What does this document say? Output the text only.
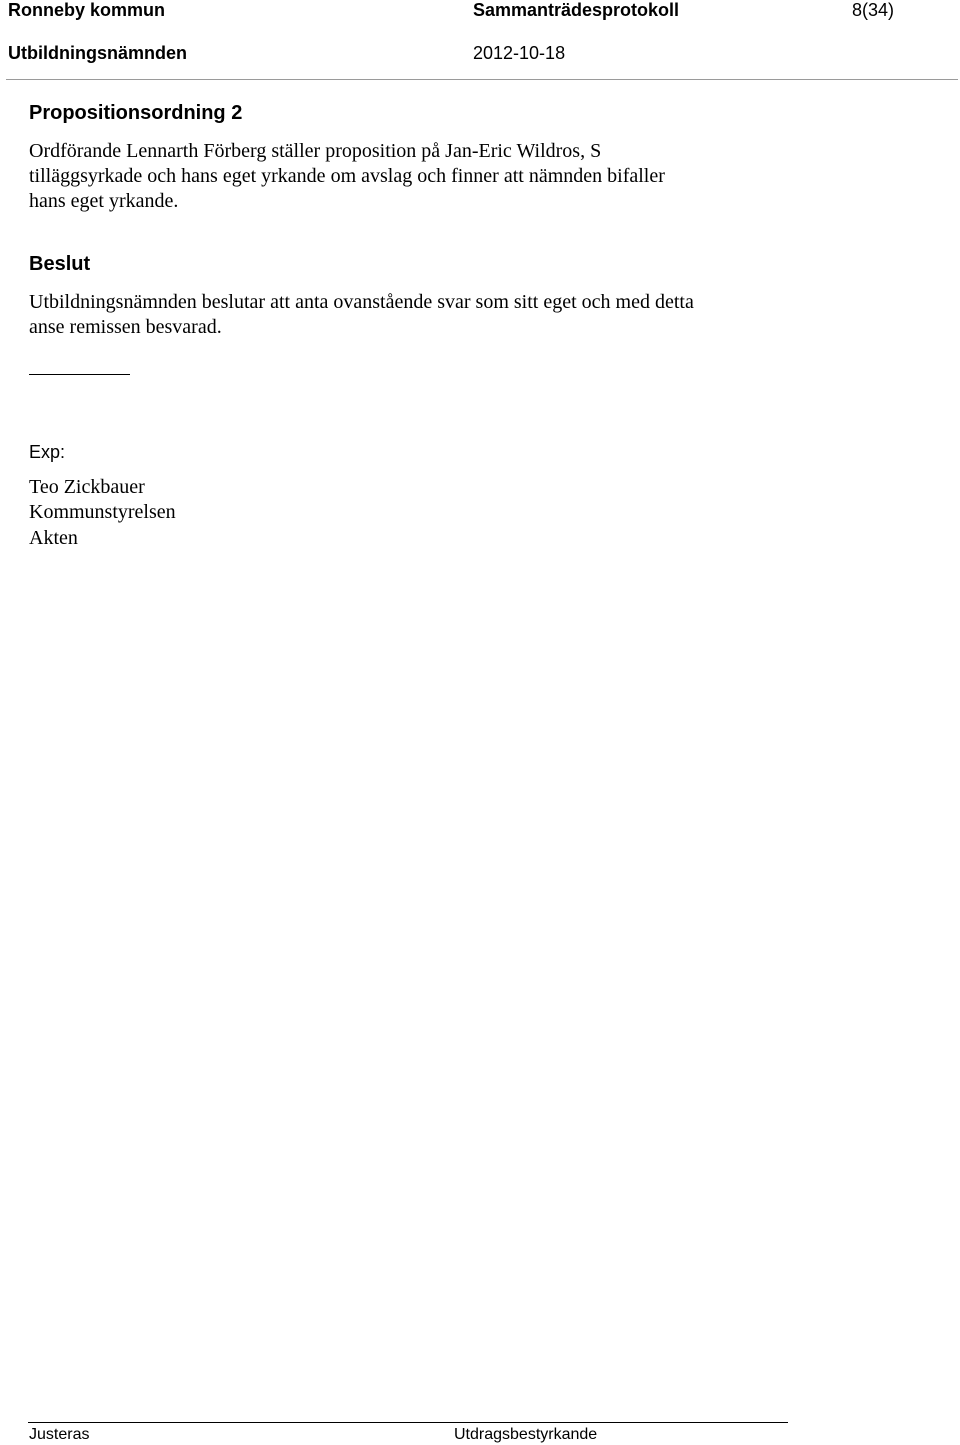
Ronneby kommun	Sammanträdesprotokoll	8(34)
Utbildningsnämnden	2012-10-18
Propositionsordning 2
Ordförande Lennarth Förberg ställer proposition på Jan-Eric Wildros, S
tilläggsyrkade och hans eget yrkande om avslag och finner att nämnden bifaller
hans eget yrkande.
Beslut
Utbildningsnämnden beslutar att anta ovanstående svar som sitt eget och med detta
anse remissen besvarad.
Exp:
Teo Zickbauer
Kommunstyrelsen
Akten
Justeras	Utdragsbestyrkande
